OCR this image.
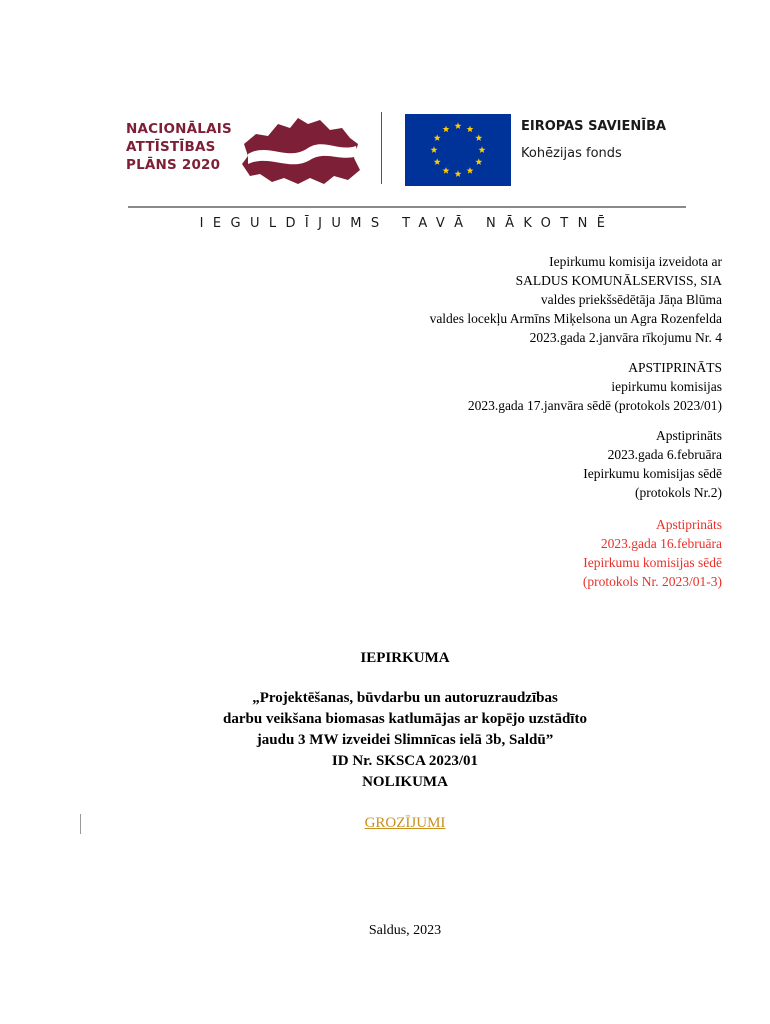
NACIONĀLAIS
ATTĪSTĪBAS
PLĀNS 2020

EIROPAS SAVIENĪBA

Kohēzijas fonds

IEGULDĪJUMS TAVĀ NĀKOTNĒ

Iepirkumu komisija izveidota ar

SALDUS KOMUNĀLSERVISS, SIA

valdes priekšsēdētāja Jāņa Blūma

valdes locekļu Armīns Miķelsona un Agra Rozenfelda

2023.gada 2.janvāra rīkojumu Nr. 4

APSTIPRINĀTS

iepirkumu komisijas

2023.gada 17.janvāra sēdē (protokols 2023/01)

Apstiprināts

2023.gada 6.februāra

Iepirkumu komisijas sēdē

(protokols Nr.2)

Apstiprināts

2023.gada 16.februāra

Iepirkumu komisijas sēdē

(protokols Nr. 2023/01-3)

IEPIRKUMA

„Projektēšanas, būvdarbu un autoruzraudzības

darbu veikšana biomasas katlumājas ar kopējo uzstādīto

jaudu 3 MW izveidei Slimnīcas ielā 3b, Saldū”

ID Nr. SKSCA 2023/01

NOLIKUMA

GROZĪJUMI

Saldus, 2023
